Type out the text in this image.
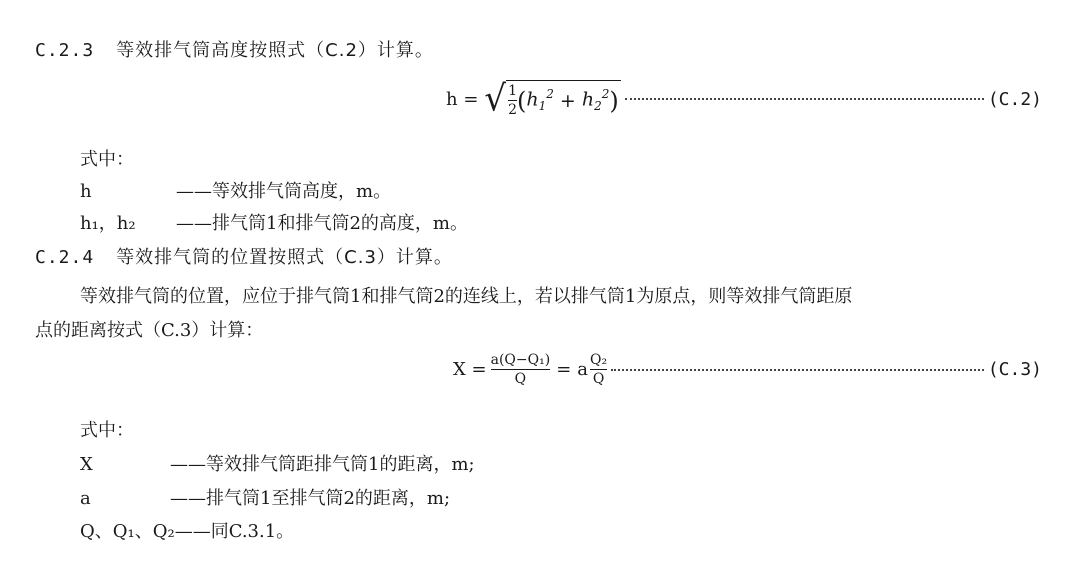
C.2.3 等效排气筒高度按照式（C.2）计算。
h = √ $\frac{1}{2}$ ( $h_1^2 + h_2^2$ )	(C.2)
式中：
h	——等效排气筒高度，m。
h₁，h₂ ——排气筒1和排气筒2的高度，m。
C.2.4 等效排气筒的位置按照式（C.3）计算。
等效排气筒的位置，应位于排气筒1和排气筒2的连线上，若以排气筒1为原点，则等效排气筒距原
点的距离按式（C.3）计算：
$X = \frac{\text{a(Q−Q₁)}}{Q} = a \frac{\text{Q₂}}{Q}$	(C.3)
式中：
X	——等效排气筒距排气筒1的距离，m;
a	——排气筒1至排气筒2的距离，m;
Q、Q₁、Q₂——同C.3.1。
